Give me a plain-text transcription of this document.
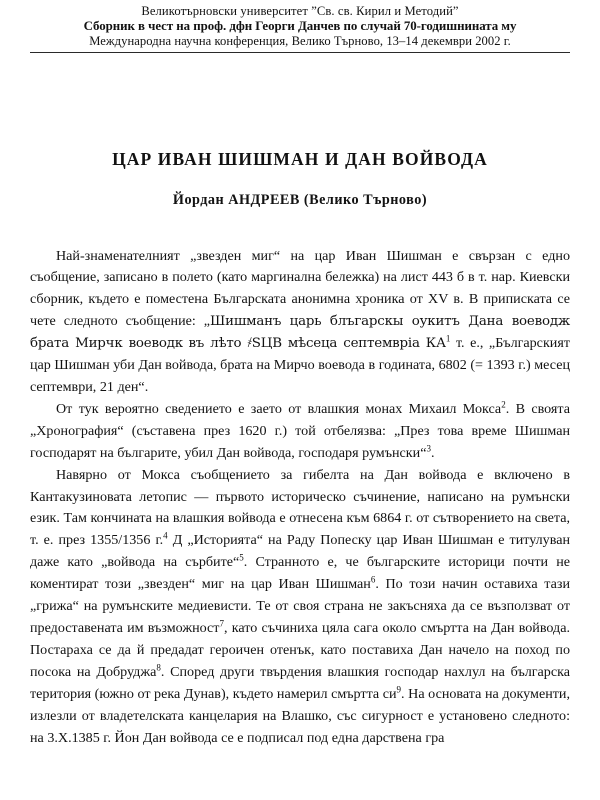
Великотърновски университет ”Св. св. Кирил и Методий”
Сборник в чест на проф. дфн Георги Данчев по случай 70-годишнината му
Международна научна конференция, Велико Търново, 13–14 декември 2002 г.
ЦАР ИВАН ШИШМАН И ДАН ВОЙВОДА
Йордан АНДРЕЕВ (Велико Търново)

Най-знаменателният „звезден миг“ на цар Иван Шишман е свързан с едно съобщение, записано в полето (като маргинална бележка) на лист 443 б в т. нар. Киевски сборник, където е поместена Българската анонимна хроника от XV в. В приписката се чете следното съобщение: „Шишманъ царь блъгарскы оукитъ Дана воеводж брата Мирчк воеводк въ лѣто ҂SЦВ мѣсеца септемвріа $КА^1$ т. е., „Българският цар Шишман уби Дан войвода, брата на Мирчо воевода в годината, 6802 (= 1393 г.) месец септември, 21 ден“.

От тук вероятно сведението е заето от влашкия монах Михаил Мокса$^2$. В своята „Хронография“ (съставена през 1620 г.) той отбелязва: „През това време Шишман господарят на българите, убил Дан войвода, господаря румънски“$^3$.

Навярно от Мокса съобщението за гибелта на Дан войвода е включено в Кантакузиновата летопис — първото историческо съчинение, написано на румънски език. Там кончината на влашкия войвода е отнесена към 6864 г. от сътворението на света, т. е. през 1355/1356 г.$^4$ Д „Историята“ на Раду Попеску цар Иван Шишман е титулуван даже като „войвода на сърбите“$^5$. Странното е, че българските историци почти не коментират този „звезден“ миг на цар Иван Шишман$^6$. По този начин оставиха тази „грижа“ на румънските медиевисти. Те от своя страна не закъсняха да се възползват от предоставената им възможност$^7$, като съчиниха цяла сага около смъртта на Дан войвода. Постараха се да й предадат героичен отенък, като поставиха Дан начело на поход по посока на Добруджа$^8$. Според други твърдения влашкия господар нахлул на българска територия (южно от река Дунав), където намерил смъртта $си^9$. На основата на документи, излезли от владетелската канцелария на Влашко, със сигурност е установено следното: на 3.X.1385 г. Йон Дан войвода се е подписал под една дарствена гра
